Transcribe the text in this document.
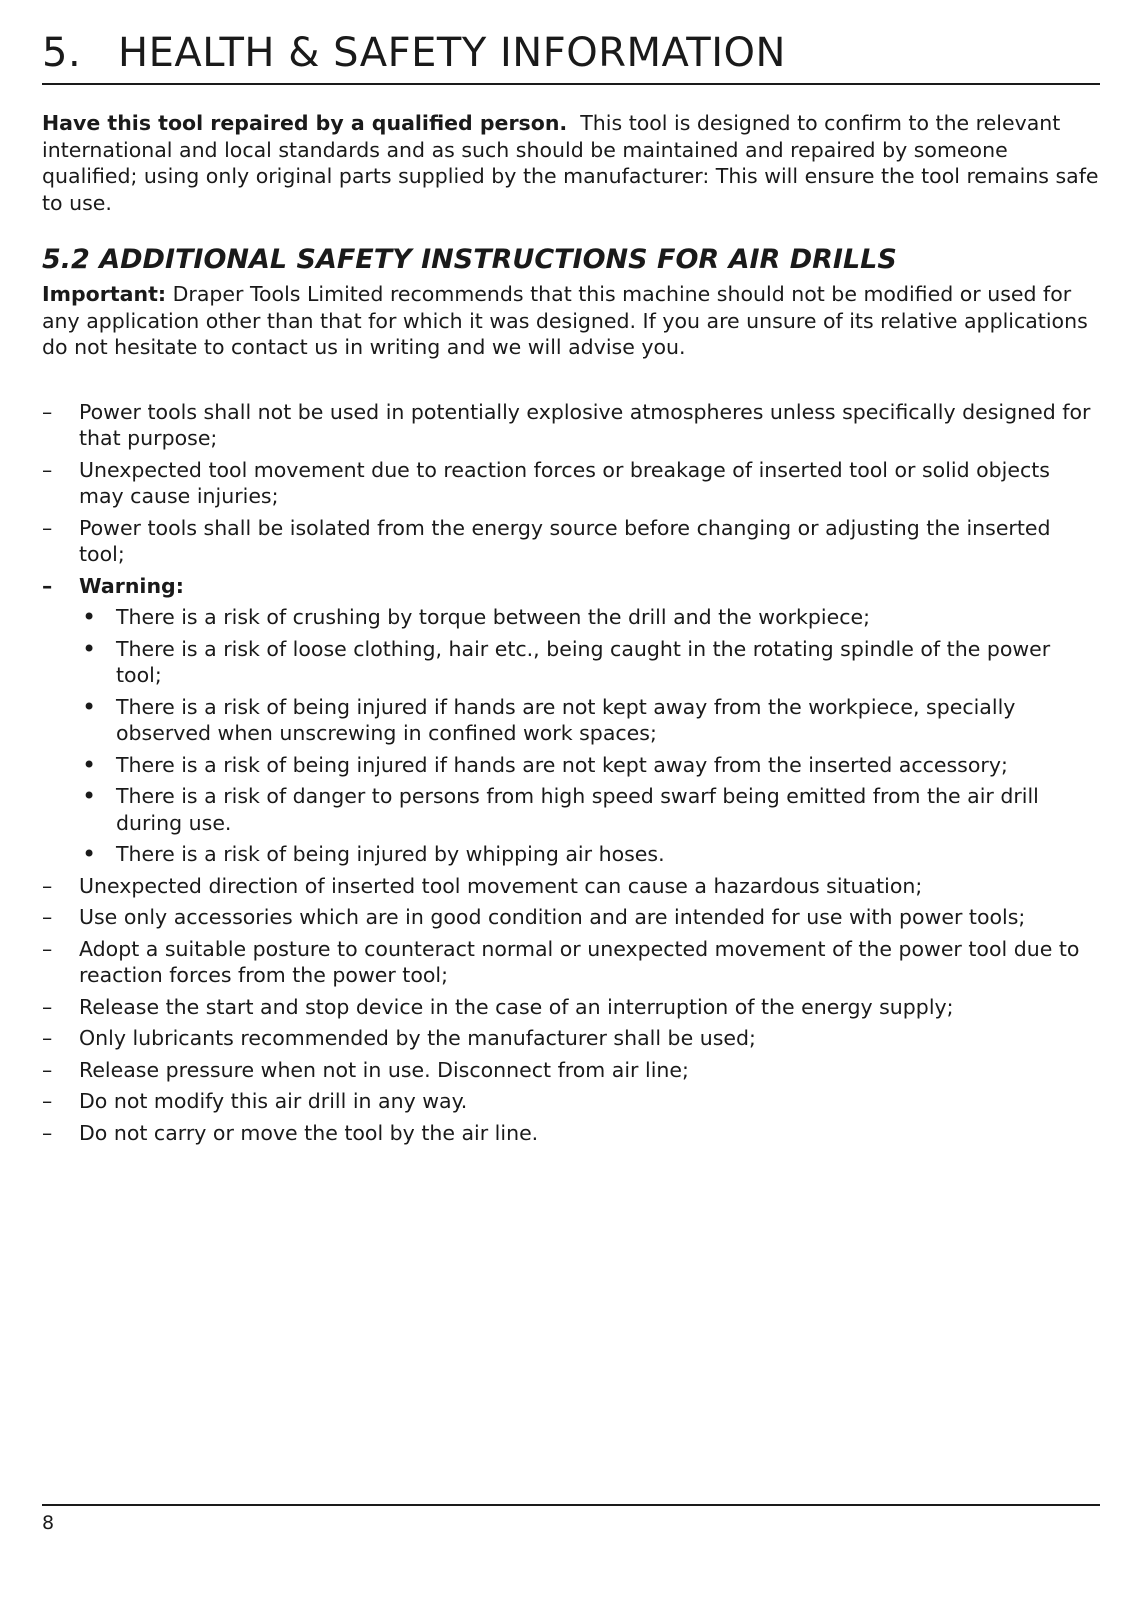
5. HEALTH & SAFETY INFORMATION

Have this tool repaired by a qualified person. This tool is designed to confirm to the relevant international and local standards and as such should be maintained and repaired by someone qualified; using only original parts supplied by the manufacturer: This will ensure the tool remains safe to use.

5.2 ADDITIONAL SAFETY INSTRUCTIONS FOR AIR DRILLS

Important: Draper Tools Limited recommends that this machine should not be modified or used for any application other than that for which it was designed. If you are unsure of its relative applications do not hesitate to contact us in writing and we will advise you.

–	Power tools shall not be used in potentially explosive atmospheres unless specifically designed for that purpose;
–	Unexpected tool movement due to reaction forces or breakage of inserted tool or solid objects may cause injuries;
–	Power tools shall be isolated from the energy source before changing or adjusting the inserted tool;
–	Warning:
• There is a risk of crushing by torque between the drill and the workpiece;
• There is a risk of loose clothing, hair etc., being caught in the rotating spindle of the power tool;
• There is a risk of being injured if hands are not kept away from the workpiece, specially observed when unscrewing in confined work spaces;
• There is a risk of being injured if hands are not kept away from the inserted accessory;
• There is a risk of danger to persons from high speed swarf being emitted from the air drill during use.
• There is a risk of being injured by whipping air hoses.
–	Unexpected direction of inserted tool movement can cause a hazardous situation;
–	Use only accessories which are in good condition and are intended for use with power tools;
–	Adopt a suitable posture to counteract normal or unexpected movement of the power tool due to reaction forces from the power tool;
–	Release the start and stop device in the case of an interruption of the energy supply;
–	Only lubricants recommended by the manufacturer shall be used;
–	Release pressure when not in use. Disconnect from air line;
–	Do not modify this air drill in any way.
–	Do not carry or move the tool by the air line.
8
